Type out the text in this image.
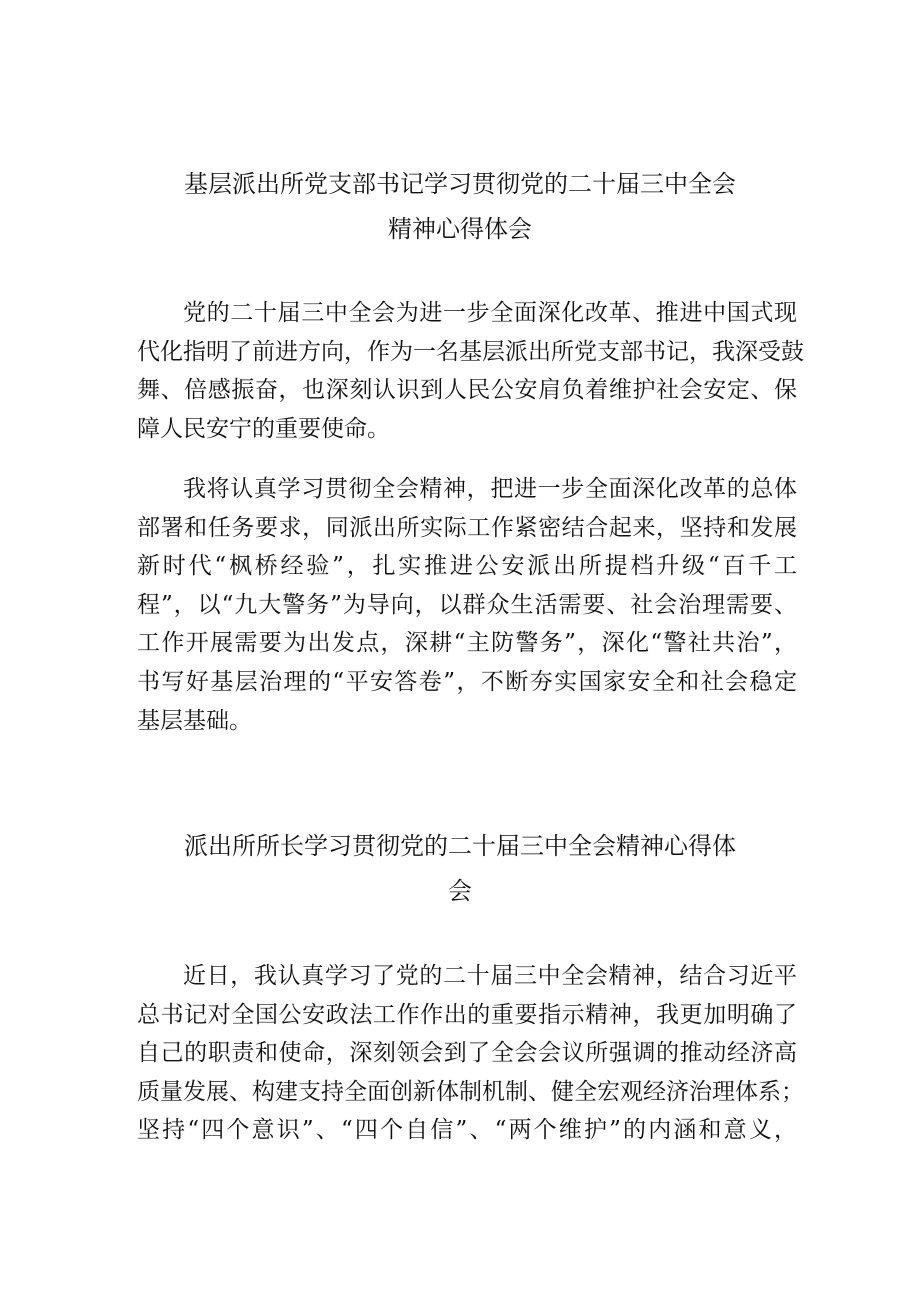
基层派出所党支部书记学习贯彻党的二十届三中全会
精神心得体会
党的二十届三中全会为进一步全面深化改革、推进中国式现
代化指明了前进方向，作为一名基层派出所党支部书记，我深受鼓
舞、倍感振奋，也深刻认识到人民公安肩负着维护社会安定、保
障人民安宁的重要使命。
我将认真学习贯彻全会精神，把进一步全面深化改革的总体
部署和任务要求，同派出所实际工作紧密结合起来，坚持和发展
新时代“枫桥经验”，扎实推进公安派出所提档升级“百千工
程”，以“九大警务”为导向，以群众生活需要、社会治理需要、
工作开展需要为出发点，深耕“主防警务”，深化“警社共治”，
书写好基层治理的“平安答卷”，不断夯实国家安全和社会稳定
基层基础。
派出所所长学习贯彻党的二十届三中全会精神心得体
会
近日，我认真学习了党的二十届三中全会精神，结合习近平
总书记对全国公安政法工作作出的重要指示精神，我更加明确了
自己的职责和使命，深刻领会到了全会会议所强调的推动经济高
质量发展、构建支持全面创新体制机制、健全宏观经济治理体系；
坚持“四个意识”、“四个自信”、“两个维护”的内涵和意义，
